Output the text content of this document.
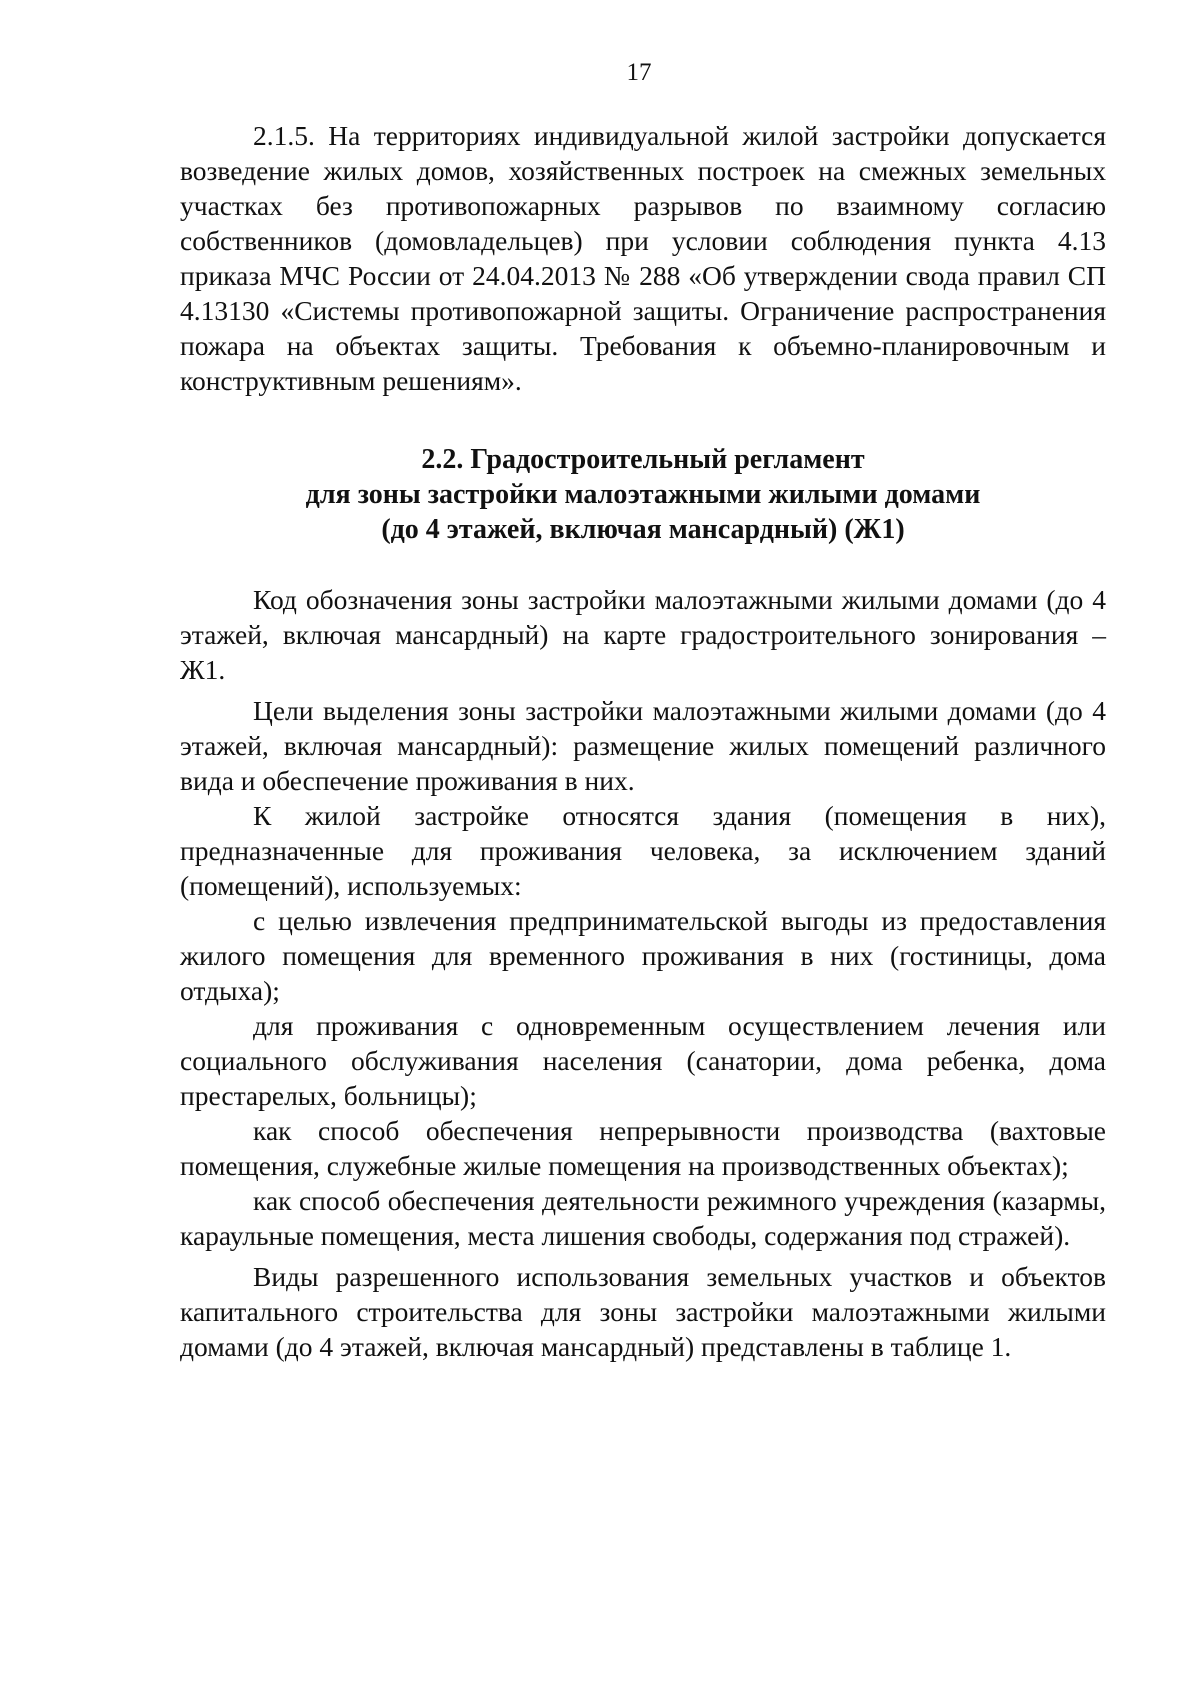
17

2.1.5. На территориях индивидуальной жилой застройки допускается возведение жилых домов, хозяйственных построек на смежных земельных участках без противопожарных разрывов по взаимному согласию собственников (домовладельцев) при условии соблюдения пункта 4.13 приказа МЧС России от 24.04.2013 № 288 «Об утверждении свода правил СП 4.13130 «Системы противопожарной защиты. Ограничение распространения пожара на объектах защиты. Требования к объемно-планировочным и конструктивным решениям».

2.2. Градостроительный регламент
для зоны застройки малоэтажными жилыми домами
(до 4 этажей, включая мансардный) (Ж1)

Код обозначения зоны застройки малоэтажными жилыми домами (до 4 этажей, включая мансардный) на карте градостроительного зонирования – Ж1.

Цели выделения зоны застройки малоэтажными жилыми домами (до 4 этажей, включая мансардный): размещение жилых помещений различного вида и обеспечение проживания в них.

К жилой застройке относятся здания (помещения в них), предназначенные для проживания человека, за исключением зданий (помещений), используемых:

с целью извлечения предпринимательской выгоды из предоставления жилого помещения для временного проживания в них (гостиницы, дома отдыха);

для проживания с одновременным осуществлением лечения или социального обслуживания населения (санатории, дома ребенка, дома престарелых, больницы);

как способ обеспечения непрерывности производства (вахтовые помещения, служебные жилые помещения на производственных объектах);

как способ обеспечения деятельности режимного учреждения (казармы, караульные помещения, места лишения свободы, содержания под стражей).

Виды разрешенного использования земельных участков и объектов капитального строительства для зоны застройки малоэтажными жилыми домами (до 4 этажей, включая мансардный) представлены в таблице 1.
